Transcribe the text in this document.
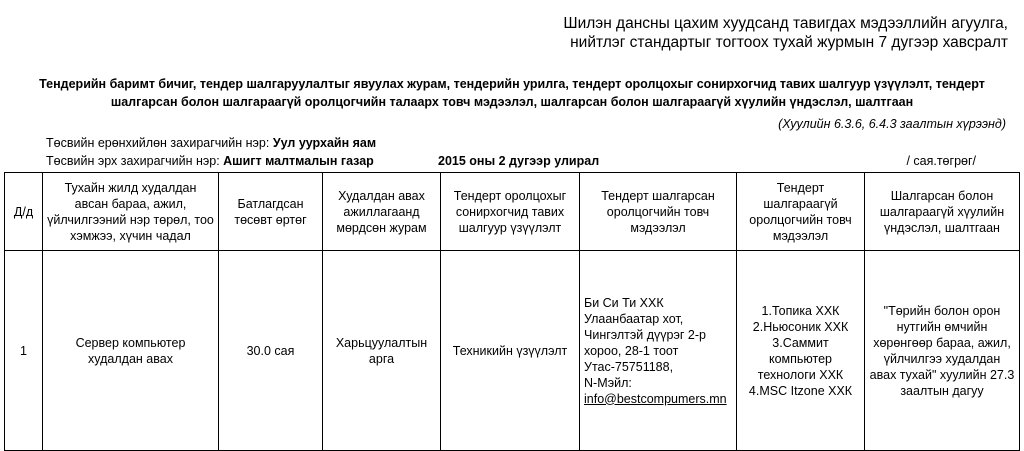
Шилэн дансны цахим хуудсанд тавигдах мэдээллийн агуулга,
нийтлэг стандартыг тогтоох тухай журмын 7 дугээр хавсралт
Тендерийн баримт бичиг, тендер шалгаруулалтыг явуулах журам, тендерийн урилга, тендерт оролцохыг сонирхогчид тавих шалгуур үзүүлэлт, тендерт
шалгарсан болон шалгараагүй оролцогчийн талаарх товч мэдээлэл, шалгарсан болон шалгараагүй хүулийн үндэслэл, шалтгаан
(Хуулийн 6.3.6, 6.4.3 заалтын хүрээнд)
Төсвийн ерөнхийлөн захирагчийн нэр: Уул уурхайн яам
Төсвийн эрх захирагчийн нэр: Ашигт малтмалын газар	2015 оны 2 дугээр улирал	/ сая.төгрөг/
Д/д	Тухайн жилд худалдан авсан бараа, ажил, үйлчилгээний нэр төрөл, тоо хэмжээ, хүчин чадал	Батлагдсан төсөвт өртөг	Худалдан авах ажиллагаанд мөрдсөн журам	Тендерт оролцохыг сонирхогчид тавих шалгуур үзүүлэлт	Тендерт шалгарсан оролцогчийн товч мэдээлэл	Тендерт шалгараагүй оролцогчийн товч мэдээлэл	Шалгарсан болон шалгараагүй хүулийн үндэслэл, шалтгаан
1	Сервер компьютер худалдан авах	30.0 сая	Харьцуулалтын арга	Техникийн үзүүлэлт	Би Си Ти ХХК
Улаанбаатар хот, Чингэлтэй дүүрэг 2-р хороо, 28-1 тоот Утас-75751188,
N-Мэйл:
info@bestcompumers.mn	1.Топика ХХК
2.Ньюсоник ХХК
3.Саммит компьютер технологи ХХК
4.MSC Itzone ХХК	"Төрийн болон орон нутгийн өмчийн хөрөнгөөр бараа, ажил, үйлчилгээ худалдан авах тухай" хуулийн 27.3 заалтын дагуу
